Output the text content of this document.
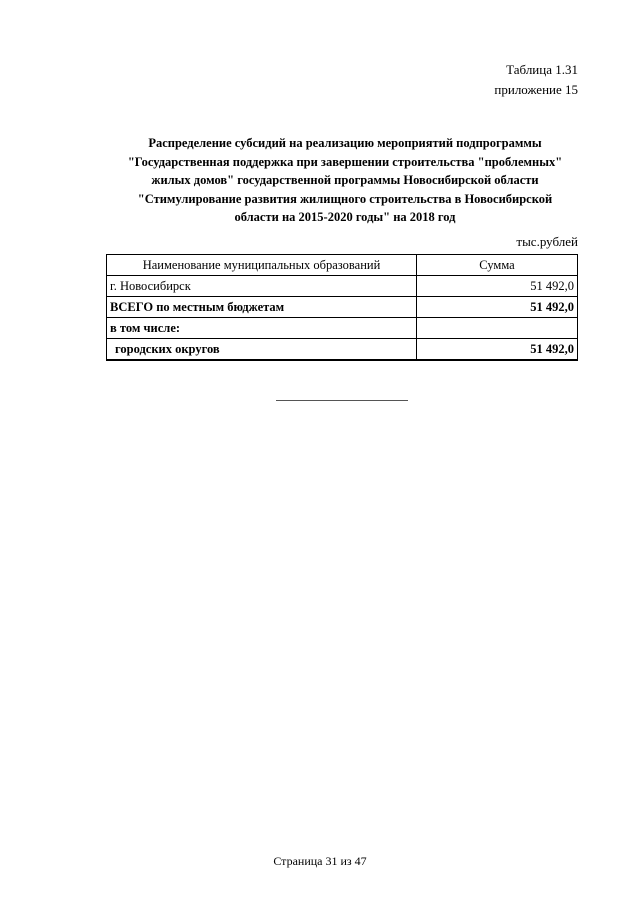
Таблица 1.31
приложение 15
Распределение субсидий на реализацию мероприятий подпрограммы
"Государственная поддержка при завершении строительства "проблемных"
жилых домов" государственной программы Новосибирской области
"Стимулирование развития жилищного строительства в Новосибирской
области на 2015-2020 годы" на 2018 год
тыс.рублей
Наименование муниципальных образований	Сумма
г. Новосибирск	51 492,0
ВСЕГО по местным бюджетам	51 492,0
в том числе:	
городских округов	51 492,0
Страница 31 из 47
